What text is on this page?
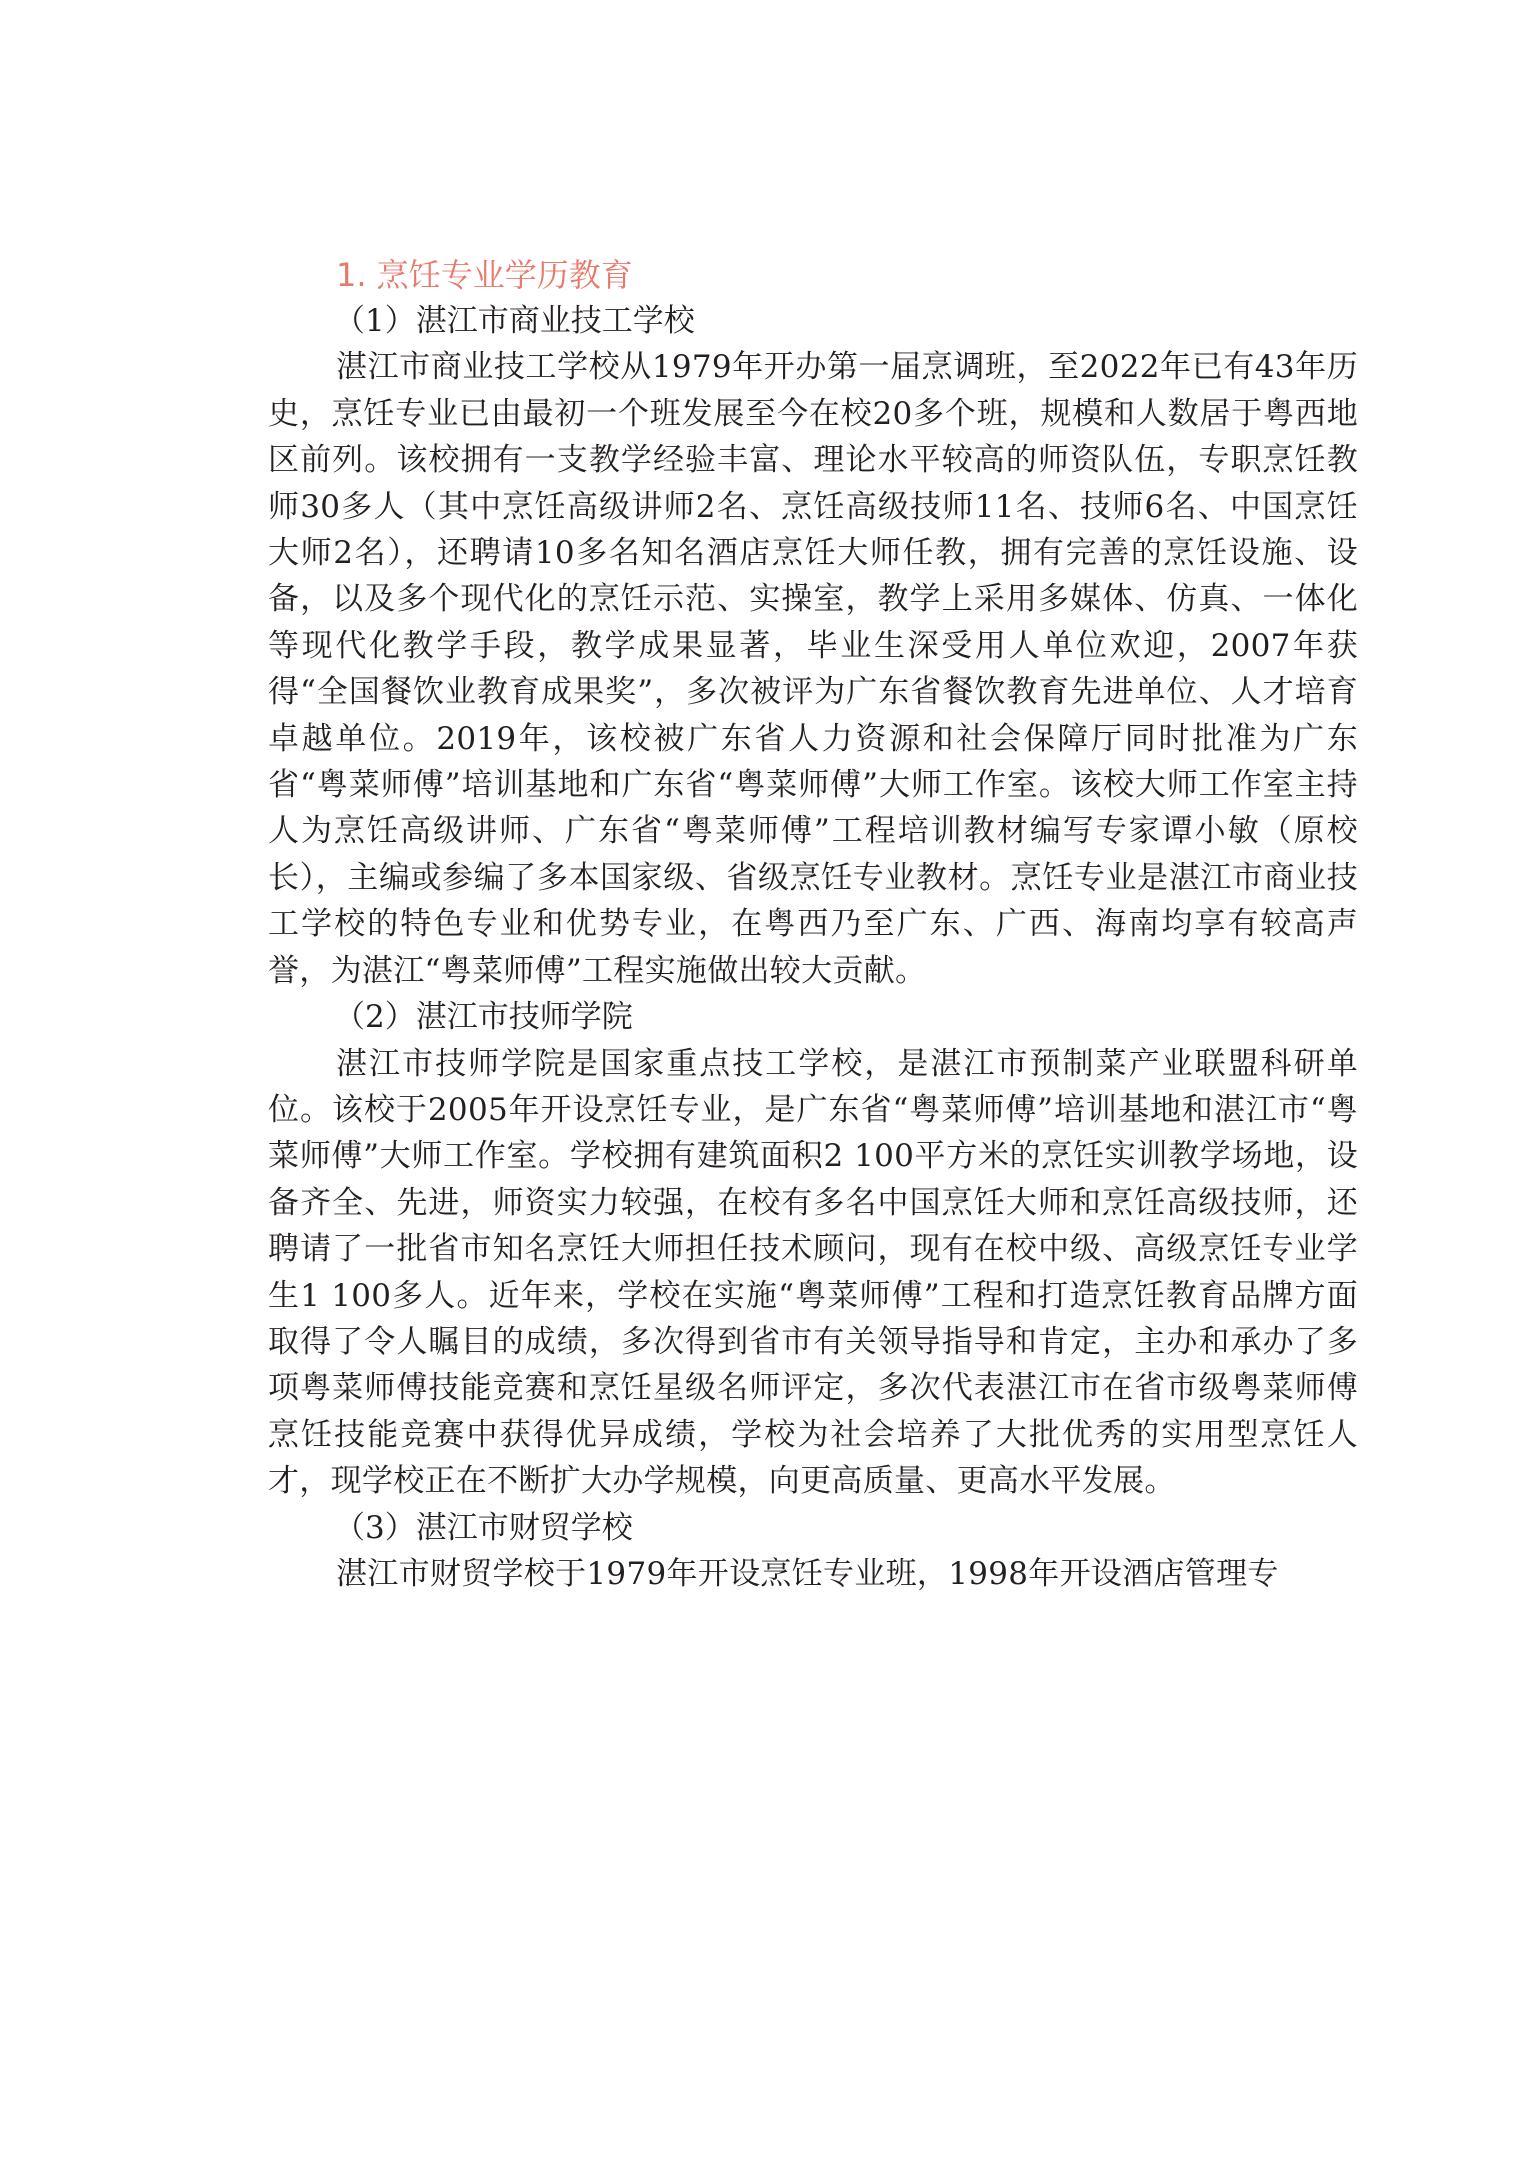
1. 烹饪专业学历教育
（1）湛江市商业技工学校

湛江市商业技工学校从1979年开办第一届烹调班，至2022年已有43年历史，烹饪专业已由最初一个班发展至今在校20多个班，规模和人数居于粤西地区前列。该校拥有一支教学经验丰富、理论水平较高的师资队伍，专职烹饪教师30多人（其中烹饪高级讲师2名、烹饪高级技师11名、技师6名、中国烹饪大师2名），还聘请10多名知名酒店烹饪大师任教，拥有完善的烹饪设施、设备，以及多个现代化的烹饪示范、实操室，教学上采用多媒体、仿真、一体化等现代化教学手段，教学成果显著，毕业生深受用人单位欢迎，2007年获得“全国餐饮业教育成果奖”，多次被评为广东省餐饮教育先进单位、人才培育卓越单位。2019年，该校被广东省人力资源和社会保障厅同时批准为广东省“粤菜师傅”培训基地和广东省“粤菜师傅”大师工作室。该校大师工作室主持人为烹饪高级讲师、广东省“粤菜师傅”工程培训教材编写专家谭小敏（原校长），主编或参编了多本国家级、省级烹饪专业教材。烹饪专业是湛江市商业技工学校的特色专业和优势专业，在粤西乃至广东、广西、海南均享有较高声誉，为湛江“粤菜师傅”工程实施做出较大贡献。

（2）湛江市技师学院

湛江市技师学院是国家重点技工学校，是湛江市预制菜产业联盟科研单位。该校于2005年开设烹饪专业，是广东省“粤菜师傅”培训基地和湛江市“粤菜师傅”大师工作室。学校拥有建筑面积2 100平方米的烹饪实训教学场地，设备齐全、先进，师资实力较强，在校有多名中国烹饪大师和烹饪高级技师，还聘请了一批省市知名烹饪大师担任技术顾问，现有在校中级、高级烹饪专业学生1 100多人。近年来，学校在实施“粤菜师傅”工程和打造烹饪教育品牌方面取得了令人瞩目的成绩，多次得到省市有关领导指导和肯定，主办和承办了多项粤菜师傅技能竞赛和烹饪星级名师评定，多次代表湛江市在省市级粤菜师傅烹饪技能竞赛中获得优异成绩，学校为社会培养了大批优秀的实用型烹饪人才，现学校正在不断扩大办学规模，向更高质量、更高水平发展。

（3）湛江市财贸学校

湛江市财贸学校于1979年开设烹饪专业班，1998年开设酒店管理专
